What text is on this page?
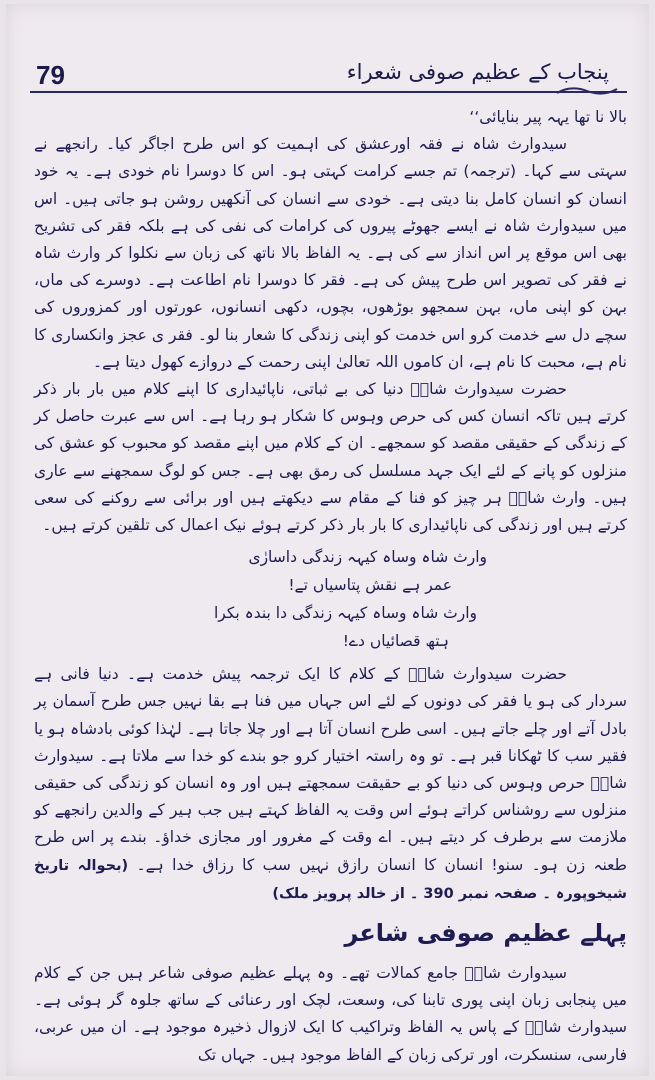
79	پنجاب کے عظیم صوفی شعراء

بالا نا تھا یہہ پیر بنایائی‘‘

سیدوارث شاہ نے فقہ اورعشق کی اہمیت کو اس طرح اجاگر کیا۔ رانجھے نے سہتی سے کہا۔ (ترجمہ) تم جسے کرامت کہتی ہو۔ اس کا دوسرا نام خودی ہے۔ یہ خود انسان کو انسان کامل بنا دیتی ہے۔ خودی سے انسان کی آنکھیں روشن ہو جاتی ہیں۔ اس میں سیدوارث شاہ نے ایسے جھوٹے پیروں کی کرامات کی نفی کی ہے بلکہ فقر کی تشریح بھی اس موقع پر اس انداز سے کی ہے۔ یہ الفاظ بالا ناتھ کی زبان سے نکلوا کر وارث شاہ نے فقر کی تصویر اس طرح پیش کی ہے۔ فقر کا دوسرا نام اطاعت ہے۔ دوسرے کی ماں، بہن کو اپنی ماں، بہن سمجھو بوڑھوں، بچوں، دکھی انسانوں، عورتوں اور کمزوروں کی سچے دل سے خدمت کرو اس خدمت کو اپنی زندگی کا شعار بنا لو۔ فقر ی عجز وانکساری کا نام ہے، محبت کا نام ہے، ان کاموں اللہ تعالیٰ اپنی رحمت کے دروازے کھول دیتا ہے۔

حضرت سیدوارث شاہؒ دنیا کی بے ثباتی، ناپائیداری کا اپنے کلام میں بار بار ذکر کرتے ہیں تاکہ انسان کس کی حرص وہوس کا شکار ہو رہا ہے۔ اس سے عبرت حاصل کر کے زندگی کے حقیقی مقصد کو سمجھے۔ ان کے کلام میں اپنے مقصد کو محبوب کو عشق کی منزلوں کو پانے کے لئے ایک جہد مسلسل کی رمق بھی ہے۔ جس کو لوگ سمجھنے سے عاری ہیں۔ وارث شاہؒ ہر چیز کو فنا کے مقام سے دیکھتے ہیں اور برائی سے روکنے کی سعی کرتے ہیں اور زندگی کی ناپائیداری کا بار بار ذکر کرتے ہوئے نیک اعمال کی تلقین کرتے ہیں۔

وارث شاہ وساہ کیہہ زندگی داسارٰی

عمر ہے نقش پتاسیاں تے!

وارث شاہ وساہ کیہہ زندگی دا بندہ بکرا

ہتھ قصائیاں دے!

حضرت سیدوارث شاہؒ کے کلام کا ایک ترجمہ پیش خدمت ہے۔ دنیا فانی ہے سردار کی ہو یا فقر کی دونوں کے لئے اس جہاں میں فنا ہے بقا نہیں جس طرح آسمان پر بادل آتے اور چلے جاتے ہیں۔ اسی طرح انسان آتا ہے اور چلا جاتا ہے۔ لہٰذا کوئی بادشاہ ہو یا فقیر سب کا ٹھکانا قبر ہے۔ تو وہ راستہ اختیار کرو جو بندے کو خدا سے ملاتا ہے۔ سیدوارث شاہؒ حرص وہوس کی دنیا کو بے حقیقت سمجھتے ہیں اور وہ انسان کو زندگی کی حقیقی منزلوں سے روشناس کراتے ہوئے اس وقت یہ الفاظ کہتے ہیں جب ہیر کے والدین رانجھے کو ملازمت سے برطرف کر دیتے ہیں۔ اے وقت کے مغرور اور مجازی خداؤ۔ بندے پر اس طرح طعنہ زن ہو۔ سنو! انسان کا انسان رازق نہیں سب کا رزاق خدا ہے۔ (بحوالہ تاریخ شیخوپورہ ۔ صفحہ نمبر 390 ۔ از خالد پرویز ملک)

پہلے عظیم صوفی شاعر

سیدوارث شاہؒ جامع کمالات تھے۔ وہ پہلے عظیم صوفی شاعر ہیں جن کے کلام میں پنجابی زبان اپنی پوری تابنا کی، وسعت، لچک اور رعنائی کے ساتھ جلوہ گر ہوئی ہے۔ سیدوارث شاہؒ کے پاس یہ الفاظ وتراکیب کا ایک لازوال ذخیرہ موجود ہے۔ ان میں عربی، فارسی، سنسکرت، اور ترکی زبان کے الفاظ موجود ہیں۔ جہاں تک
